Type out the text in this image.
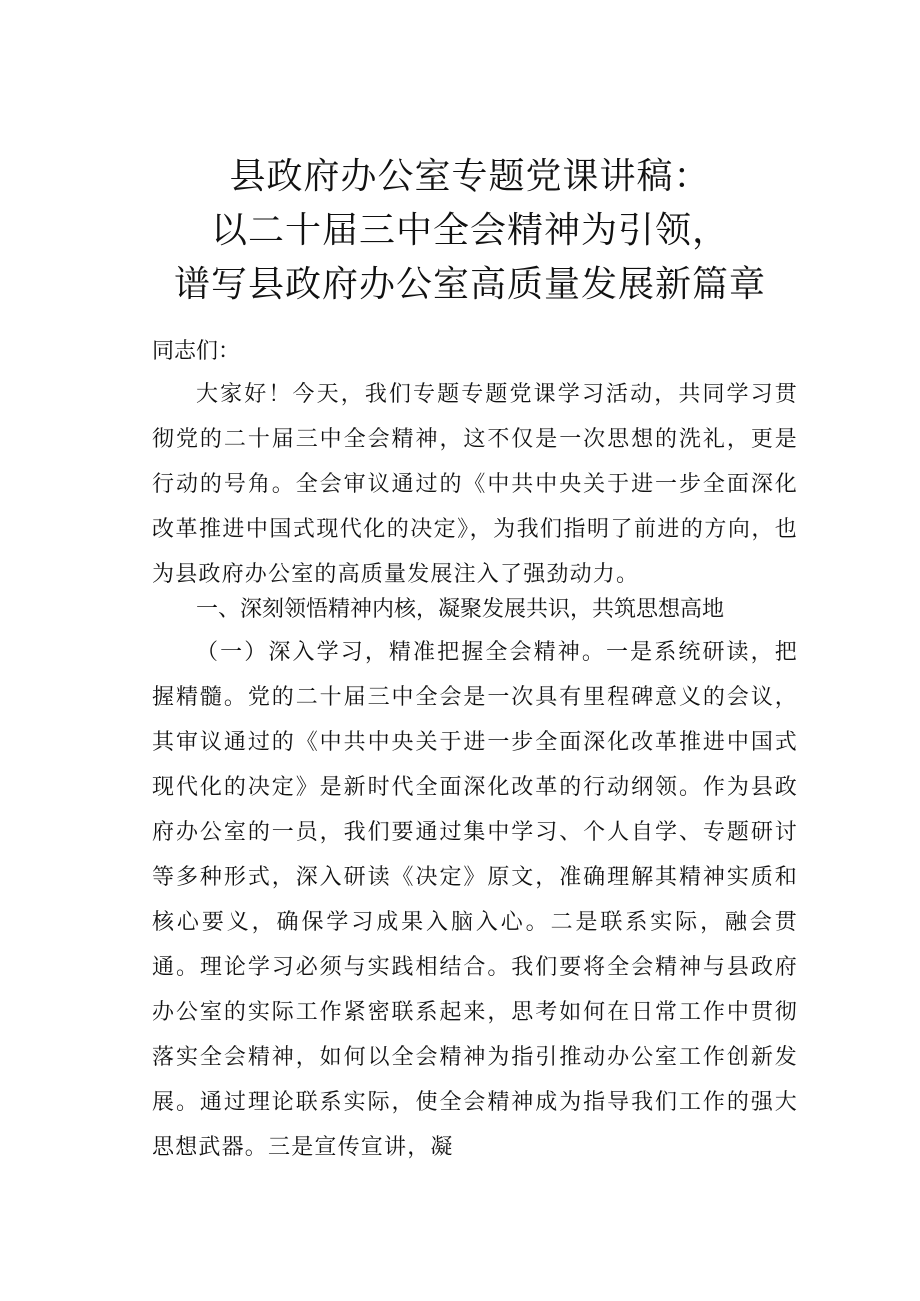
县政府办公室专题党课讲稿：
以二十届三中全会精神为引领，
谱写县政府办公室高质量发展新篇章
同志们：

大家好！今天，我们专题专题党课学习活动，共同学习贯彻党的二十届三中全会精神，这不仅是一次思想的洗礼，更是行动的号角。全会审议通过的《中共中央关于进一步全面深化改革推进中国式现代化的决定》，为我们指明了前进的方向，也为县政府办公室的高质量发展注入了强劲动力。

一、深刻领悟精神内核，凝聚发展共识，共筑思想高地

（一）深入学习，精准把握全会精神。一是系统研读，把握精髓。党的二十届三中全会是一次具有里程碑意义的会议，其审议通过的《中共中央关于进一步全面深化改革推进中国式现代化的决定》是新时代全面深化改革的行动纲领。作为县政府办公室的一员，我们要通过集中学习、个人自学、专题研讨等多种形式，深入研读《决定》原文，准确理解其精神实质和核心要义，确保学习成果入脑入心。二是联系实际，融会贯通。理论学习必须与实践相结合。我们要将全会精神与县政府办公室的实际工作紧密联系起来，思考如何在日常工作中贯彻落实全会精神，如何以全会精神为指引推动办公室工作创新发展。通过理论联系实际，使全会精神成为指导我们工作的强大思想武器。三是宣传宣讲，凝
